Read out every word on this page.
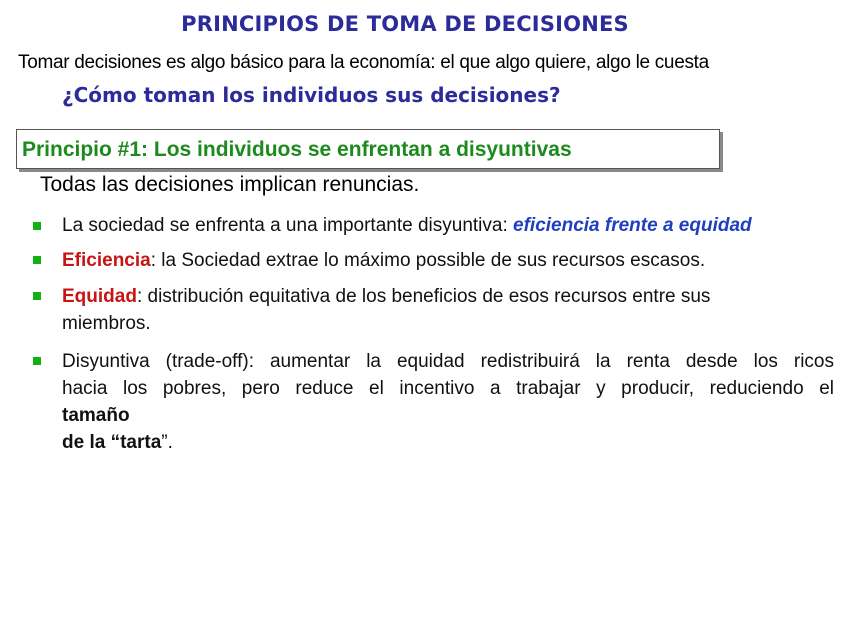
PRINCIPIOS DE TOMA DE DECISIONES
Tomar decisiones es algo básico para la economía: el que algo quiere, algo le cuesta
¿Cómo toman los individuos sus decisiones?
Principio #1: Los individuos se enfrentan a disyuntivas
Todas las decisiones implican renuncias.
La sociedad se enfrenta a una importante disyuntiva: eficiencia frente a equidad
Eficiencia: la Sociedad extrae lo máximo possible de sus recursos escasos.
Equidad: distribución equitativa de los beneficios de esos recursos entre sus
miembros.
Disyuntiva (trade-off): aumentar la equidad redistribuirá la renta desde los ricos
hacia los pobres, pero reduce el incentivo a trabajar y producir, reduciendo el
tamaño
de la “tarta”.
